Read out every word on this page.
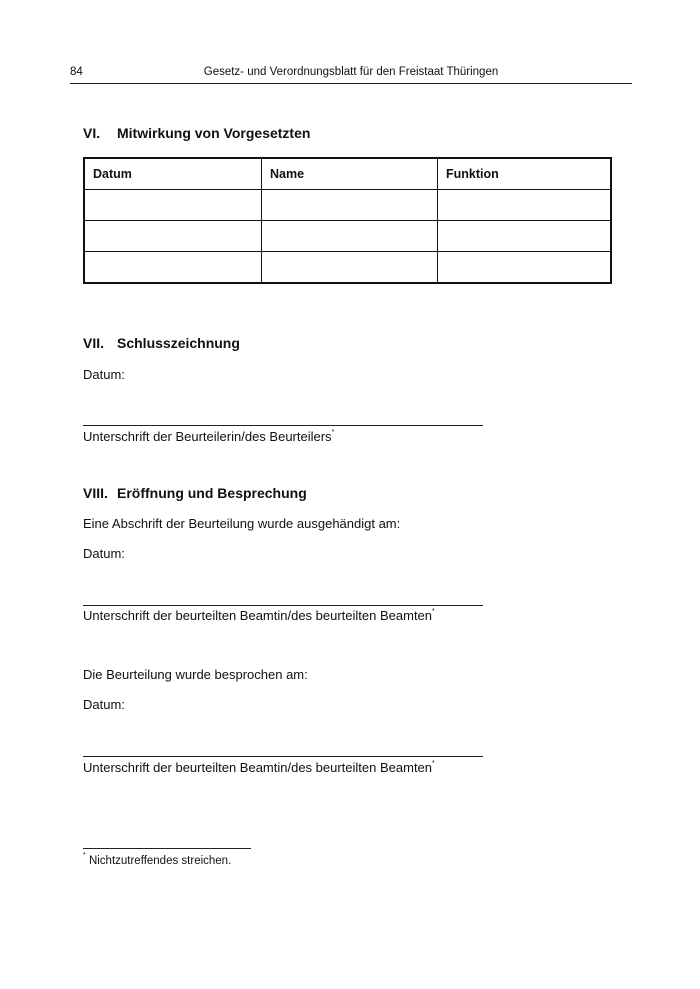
84	Gesetz- und Verordnungsblatt für den Freistaat Thüringen
VI. Mitwirkung von Vorgesetzten
Datum	Name	Funktion

VII. Schlusszeichnung
Datum:
Unterschrift der Beurteilerin/des Beurteilers*
VIII. Eröffnung und Besprechung
Eine Abschrift der Beurteilung wurde ausgehändigt am:
Datum:
Unterschrift der beurteilten Beamtin/des beurteilten Beamten*
Die Beurteilung wurde besprochen am:
Datum:
Unterschrift der beurteilten Beamtin/des beurteilten Beamten*
* Nichtzutreffendes streichen.
